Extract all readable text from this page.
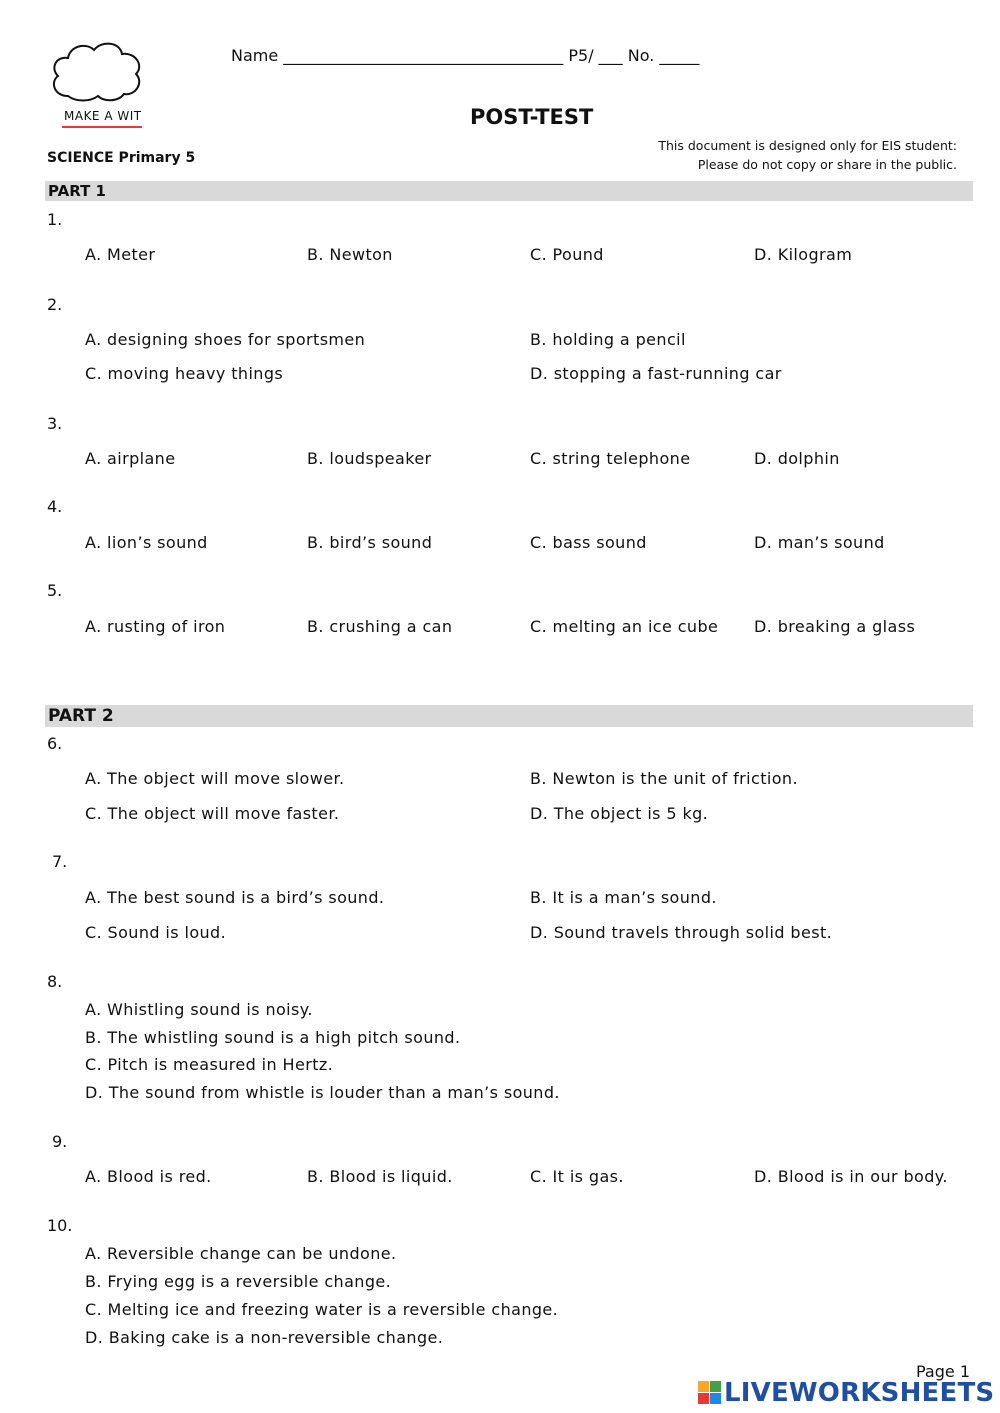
MAKE A WIT
Name ___________________________________ P5/ ___ No. _____
POST-TEST
This document is designed only for EIS student:
Please do not copy or share in the public.
SCIENCE Primary 5
PART 1
1.
A. Meter	B. Newton	C. Pound	D. Kilogram
2.
A. designing shoes for sportsmen	B. holding a pencil
C. moving heavy things	D. stopping a fast-running car
3.
A. airplane	B. loudspeaker	C. string telephone	D. dolphin
4.
A. lion’s sound	B. bird’s sound	C. bass sound	D. man’s sound
5.
A. rusting of iron	B. crushing a can	C. melting an ice cube D. breaking a glass
PART 2
6.
A. The object will move slower.	B. Newton is the unit of friction.
C. The object will move faster.	D. The object is 5 kg.
7.
A. The best sound is a bird’s sound.	B. It is a man’s sound.
C. Sound is loud.	D. Sound travels through solid best.
8.
A. Whistling sound is noisy.
B. The whistling sound is a high pitch sound.
C. Pitch is measured in Hertz.
D. The sound from whistle is louder than a man’s sound.
9.
A. Blood is red.	B. Blood is liquid.	C. It is gas.	D. Blood is in our body.
10.
A. Reversible change can be undone.
B. Frying egg is a reversible change.
C. Melting ice and freezing water is a reversible change.
D. Baking cake is a non-reversible change.
Page 1
LIVEWORKSHEETS
